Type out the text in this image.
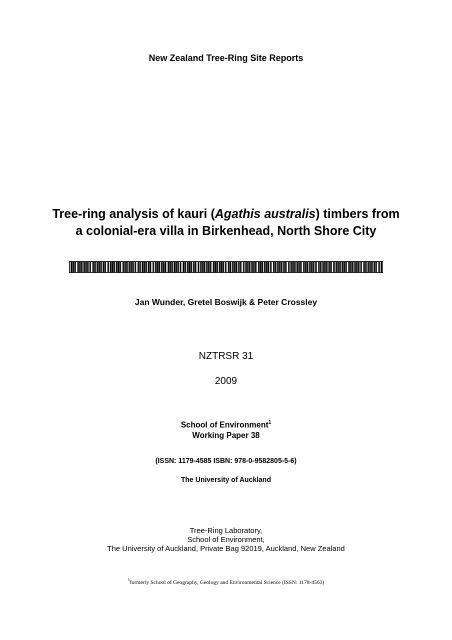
New Zealand Tree-Ring Site Reports
Tree-ring analysis of kauri (Agathis australis) timbers from
a colonial-era villa in Birkenhead, North Shore City
Jan Wunder, Gretel Boswijk & Peter Crossley
NZTRSR 31
2009
School of Environment$^1$
Working Paper 38
(ISSN: 1179-4585 ISBN: 978-0-9582805-5-6)
The University of Auckland
Tree-Ring Laboratory,
School of Environment,
The University of Auckland, Private Bag 92019, Auckland, New Zealand
$^1$formerly School of Geography, Geology and Environmental Science (ISSN: 1178-4563)
